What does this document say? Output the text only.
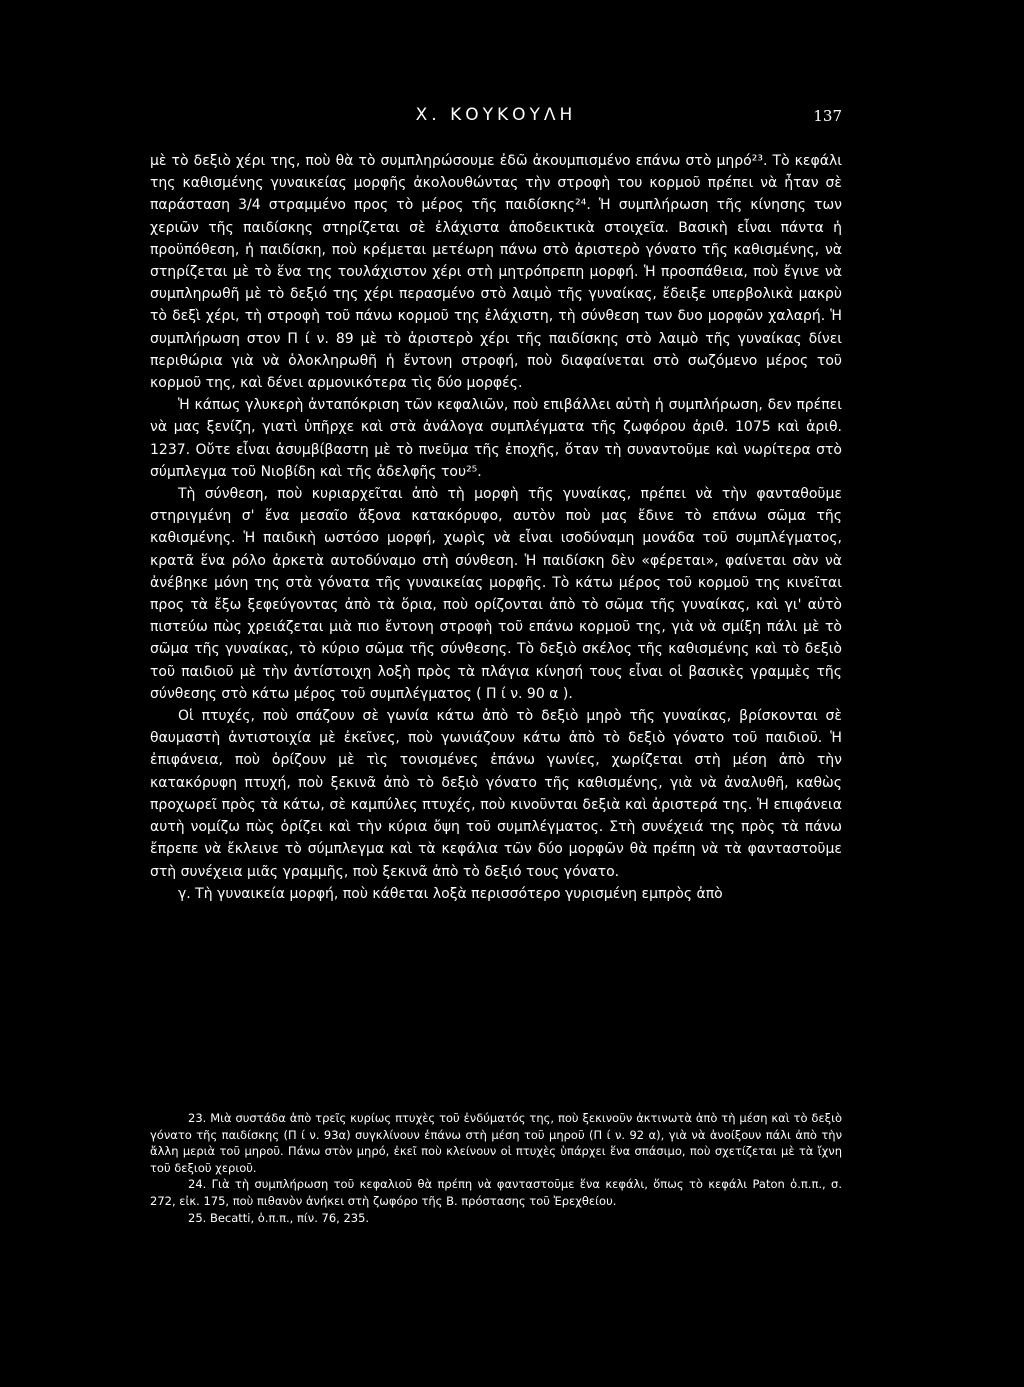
X. ΚΟΥΚΟΥΛΗ	137

μὲ τὸ δεξιὸ χέρι της, ποὺ θὰ τὸ συμπληρώσουμε ἐδῶ ἀκουμπισμένο επάνω στὸ μηρό²³. Τὸ κεφάλι της καθισμένης γυναικείας μορφῆς ἀκολουθώντας τὴν στροφὴ του κορμοῦ πρέπει νὰ ἦταν σὲ παράσταση 3/4 στραμμένο προς τὸ μέρος τῆς παιδίσκης²⁴. Ἡ συμπλήρωση τῆς κίνησης των χεριῶν τῆς παιδίσκης στηρίζεται σὲ ἐλάχιστα ἀποδεικτικὰ στοιχεῖα. Βασικὴ εἶναι πάντα ἡ προϋπόθεση, ἡ παιδίσκη, ποὺ κρέμεται μετέωρη πάνω στὸ ἀριστερὸ γόνατο τῆς καθισμένης, νὰ στηρίζεται μὲ τὸ ἕνα της τουλάχιστον χέρι στὴ μητρόπρεπη μορφή. Ἡ προσπάθεια, ποὺ ἔγινε νὰ συμπληρωθῆ μὲ τὸ δεξιό της χέρι περασμένο στὸ λαιμὸ τῆς γυναίκας, ἔδειξε υπερβολικὰ μακρὺ τὸ δεξὶ χέρι, τὴ στροφὴ τοῦ πάνω κορμοῦ της ἐλάχιστη, τὴ σύνθεση των δυο μορφῶν χαλαρή. Ἡ συμπλήρωση στον Π ί ν. 89 μὲ τὸ ἀριστερὸ χέρι τῆς παιδίσκης στὸ λαιμὸ τῆς γυναίκας δίνει περιθώρια γιὰ νὰ ὁλοκληρωθῆ ἡ ἔντονη στροφή, ποὺ διαφαίνεται στὸ σωζόμενο μέρος τοῦ κορμοῦ της, καὶ δένει αρμονικότερα τὶς δύο μορφές.

Ἡ κάπως γλυκερὴ ἀνταπόκριση τῶν κεφαλιῶν, ποὺ επιβάλλει αὐτὴ ἡ συμπλήρωση, δεν πρέπει νὰ μας ξενίζη, γιατὶ ὑπῆρχε καὶ στὰ ἀνάλογα συμπλέγματα τῆς ζωφόρου ἀριθ. 1075 καὶ ἀριθ. 1237. Οὔτε εἶναι ἀσυμβίβαστη μὲ τὸ πνεῦμα τῆς ἐποχῆς, ὅταν τὴ συναντοῦμε καὶ νωρίτερα στὸ σύμπλεγμα τοῦ Νιοβίδη καὶ τῆς ἀδελφῆς του²⁵.

Τὴ σύνθεση, ποὺ κυριαρχεῖται ἀπὸ τὴ μορφὴ τῆς γυναίκας, πρέπει νὰ τὴν φανταθοῦμε στηριγμένη σ' ἕνα μεσαῖο ἄξονα κατακόρυφο, αυτὸν ποὺ μας ἔδινε τὸ επάνω σῶμα τῆς καθισμένης. Ἡ παιδικὴ ωστόσο μορφή, χωρὶς νὰ εἶναι ισοδύναμη μονάδα τοῦ συμπλέγματος, κρατᾶ ἕνα ρόλο ἀρκετὰ αυτοδύναμο στὴ σύνθεση. Ἡ παιδίσκη δὲν «φέρεται», φαίνεται σὰν νὰ ἀνέβηκε μόνη της στὰ γόνατα τῆς γυναικείας μορφῆς. Τὸ κάτω μέρος τοῦ κορμοῦ της κινεῖται προς τὰ ἔξω ξεφεύγοντας ἀπὸ τὰ ὅρια, ποὺ ορίζονται ἀπὸ τὸ σῶμα τῆς γυναίκας, καὶ γι' αὐτὸ πιστεύω πὼς χρειάζεται μιὰ πιο ἔντονη στροφὴ τοῦ επάνω κορμοῦ της, γιὰ νὰ σμίξη πάλι μὲ τὸ σῶμα τῆς γυναίκας, τὸ κύριο σῶμα τῆς σύνθεσης. Τὸ δεξιὸ σκέλος τῆς καθισμένης καὶ τὸ δεξιὸ τοῦ παιδιοῦ μὲ τὴν ἀντίστοιχη λοξὴ πρὸς τὰ πλάγια κίνησή τους εἶναι οἱ βασικὲς γραμμὲς τῆς σύνθεσης στὸ κάτω μέρος τοῦ συμπλέγματος ( Π ί ν. 90 α ).

Οἱ πτυχές, ποὺ σπάζουν σὲ γωνία κάτω ἀπὸ τὸ δεξιὸ μηρὸ τῆς γυναίκας, βρίσκονται σὲ θαυμαστὴ ἀντιστοιχία μὲ ἐκεῖνες, ποὺ γωνιάζουν κάτω ἀπὸ τὸ δεξιὸ γόνατο τοῦ παιδιοῦ. Ἡ ἐπιφάνεια, ποὺ ὁρίζουν μὲ τὶς τονισμένες ἐπάνω γωνίες, χωρίζεται στὴ μέση ἀπὸ τὴν κατακόρυφη πτυχή, ποὺ ξεκινᾶ ἀπὸ τὸ δεξιὸ γόνατο τῆς καθισμένης, γιὰ νὰ ἀναλυθῆ, καθὼς προχωρεῖ πρὸς τὰ κάτω, σὲ καμπύλες πτυχές, ποὺ κινοῦνται δεξιὰ καὶ ἀριστερά της. Ἡ επιφάνεια αυτὴ νομίζω πὼς ὁρίζει καὶ τὴν κύρια ὄψη τοῦ συμπλέγματος. Στὴ συνέχειά της πρὸς τὰ πάνω ἔπρεπε νὰ ἔκλεινε τὸ σύμπλεγμα καὶ τὰ κεφάλια τῶν δύο μορφῶν θὰ πρέπη νὰ τὰ φανταστοῦμε στὴ συνέχεια μιᾶς γραμμῆς, ποὺ ξεκινᾶ ἀπὸ τὸ δεξιό τους γόνατο.

γ. Τὴ γυναικεία μορφή, ποὺ κάθεται λοξὰ περισσότερο γυρισμένη εμπρὸς ἀπὸ

23. Μιὰ συστάδα ἀπὸ τρεῖς κυρίως πτυχὲς τοῦ ἐνδύματός της, ποὺ ξεκινοῦν ἀκτινωτὰ ἀπὸ τὴ μέση καὶ τὸ δεξιὸ γόνατο τῆς παιδίσκης (Π ί ν. 93α) συγκλίνουν ἐπάνω στὴ μέση τοῦ μηροῦ (Π ί ν. 92 α), γιὰ νὰ ἀνοίξουν πάλι ἀπὸ τὴν ἄλλη μεριὰ τοῦ μηροῦ. Πάνω στὸν μηρό, ἐκεῖ ποὺ κλείνουν οἱ πτυχὲς ὑπάρχει ἕνα σπάσιμο, ποὺ σχετίζεται μὲ τὰ ἴχνη τοῦ δεξιοῦ χεριοῦ.

24. Γιὰ τὴ συμπλήρωση τοῦ κεφαλιοῦ θὰ πρέπη νὰ φανταστοῦμε ἕνα κεφάλι, ὅπως τὸ κεφάλι Paton ὁ.π.π., σ. 272, εἰκ. 175, ποὺ πιθανὸν ἀνήκει στὴ ζωφόρο τῆς Β. πρόστασης τοῦ Ἐρεχθείου.

25. Becatti, ὁ.π.π., πίν. 76, 235.
